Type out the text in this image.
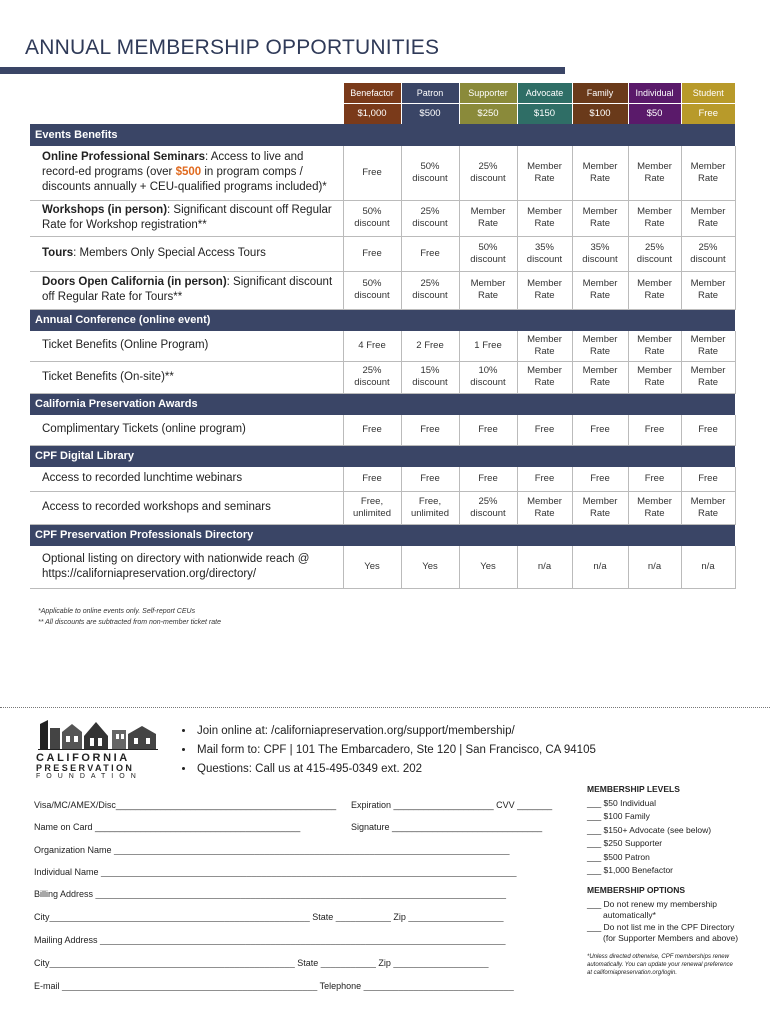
ANNUAL MEMBERSHIP OPPORTUNITIES
	Benefactor	Patron	Supporter	Advocate	Family	Individual	Student
	$1,000	$500	$250	$150	$100	$50	Free
Events Benefits							
Online Professional Seminars: Access to live and record-ed programs (over $500 in program comps / discounts annually + CEU-qualified programs included)*	Free	50% discount	25% discount	Member Rate	Member Rate	Member Rate	Member Rate
Workshops (in person): Significant discount off Regular Rate for Workshop registration**	50% discount	25% discount	Member Rate	Member Rate	Member Rate	Member Rate	Member Rate
Tours: Members Only Special Access Tours	Free	Free	50% discount	35% discount	35% discount	25% discount	25% discount
Doors Open California (in person): Significant discount off Regular Rate for Tours**	50% discount	25% discount	Member Rate	Member Rate	Member Rate	Member Rate	Member Rate
Annual Conference (online event)							
Ticket Benefits (Online Program)	4 Free	2 Free	1 Free	Member Rate	Member Rate	Member Rate	Member Rate
Ticket Benefits (On-site)**	25% discount	15% discount	10% discount	Member Rate	Member Rate	Member Rate	Member Rate
California Preservation Awards							
Complimentary Tickets (online program)	Free	Free	Free	Free	Free	Free	Free
CPF Digital Library							
Access to recorded lunchtime webinars	Free	Free	Free	Free	Free	Free	Free
Access to recorded workshops and seminars	Free, unlimited	Free, unlimited	25% discount	Member Rate	Member Rate	Member Rate	Member Rate
CPF Preservation Professionals Directory							
Optional listing on directory with nationwide reach @ https://californiapreservation.org/directory/	Yes	Yes	Yes	n/a	n/a	n/a	n/a
*Applicable to online events only. Self-report CEUs
** All discounts are subtracted from non-member ticket rate
CALIFORNIA
PRESERVATION
FOUNDATION
• Join online at: /californiapreservation.org/support/membership/
• Mail form to: CPF | 101 The Embarcadero, Ste 120 | San Francisco, CA 94105
• Questions: Call us at 415-495-0349 ext. 202
Visa/MC/AMEX/Disc____________________________________________ Expiration ____________________ CVV _______
Name on Card _________________________________________	Signature ______________________________
Organization Name _______________________________________________________________________________
Individual Name ___________________________________________________________________________________
Billing Address __________________________________________________________________________________
City____________________________________________________ State ___________ Zip ___________________
Mailing Address _________________________________________________________________________________
City_________________________________________________ State ___________ Zip ___________________
E-mail ___________________________________________________ Telephone ______________________________
MEMBERSHIP LEVELS
___ $50 Individual
___ $100 Family
___ $150+ Advocate (see below)
___ $250 Supporter
___ $500 Patron
___ $1,000 Benefactor
MEMBERSHIP OPTIONS
___ Do not renew my membership
automatically*
___ Do not list me in the CPF Directory
(for Supporter Members and above)
*Unless directed otherwise, CPF memberships renew automatically. You can update your renewal preference at californiapreservation.org/login.
